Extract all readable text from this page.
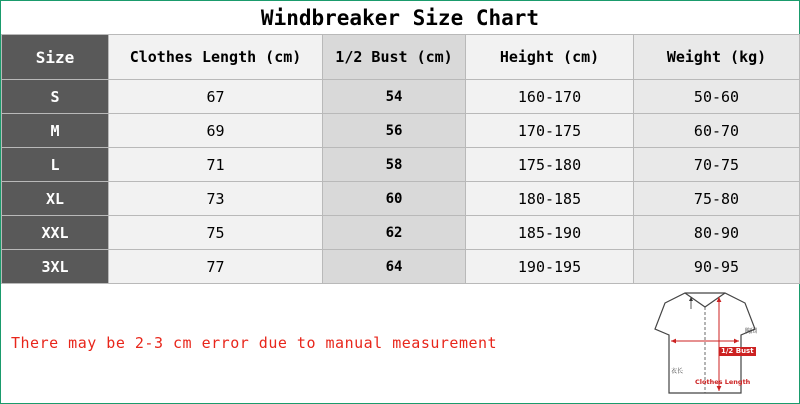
Windbreaker Size Chart
Size	Clothes Length (cm)	1/2 Bust (cm)	Height (cm)	Weight (kg)
S	67	54	160-170	50-60
M	69	56	170-175	60-70
L	71	58	175-180	70-75
XL	73	60	180-185	75-80
XXL	75	62	185-190	80-90
3XL	77	64	190-195	90-95
There may be 2-3 cm error due to manual measurement	1/2 Bust
胸围
Clothes Length
衣长
